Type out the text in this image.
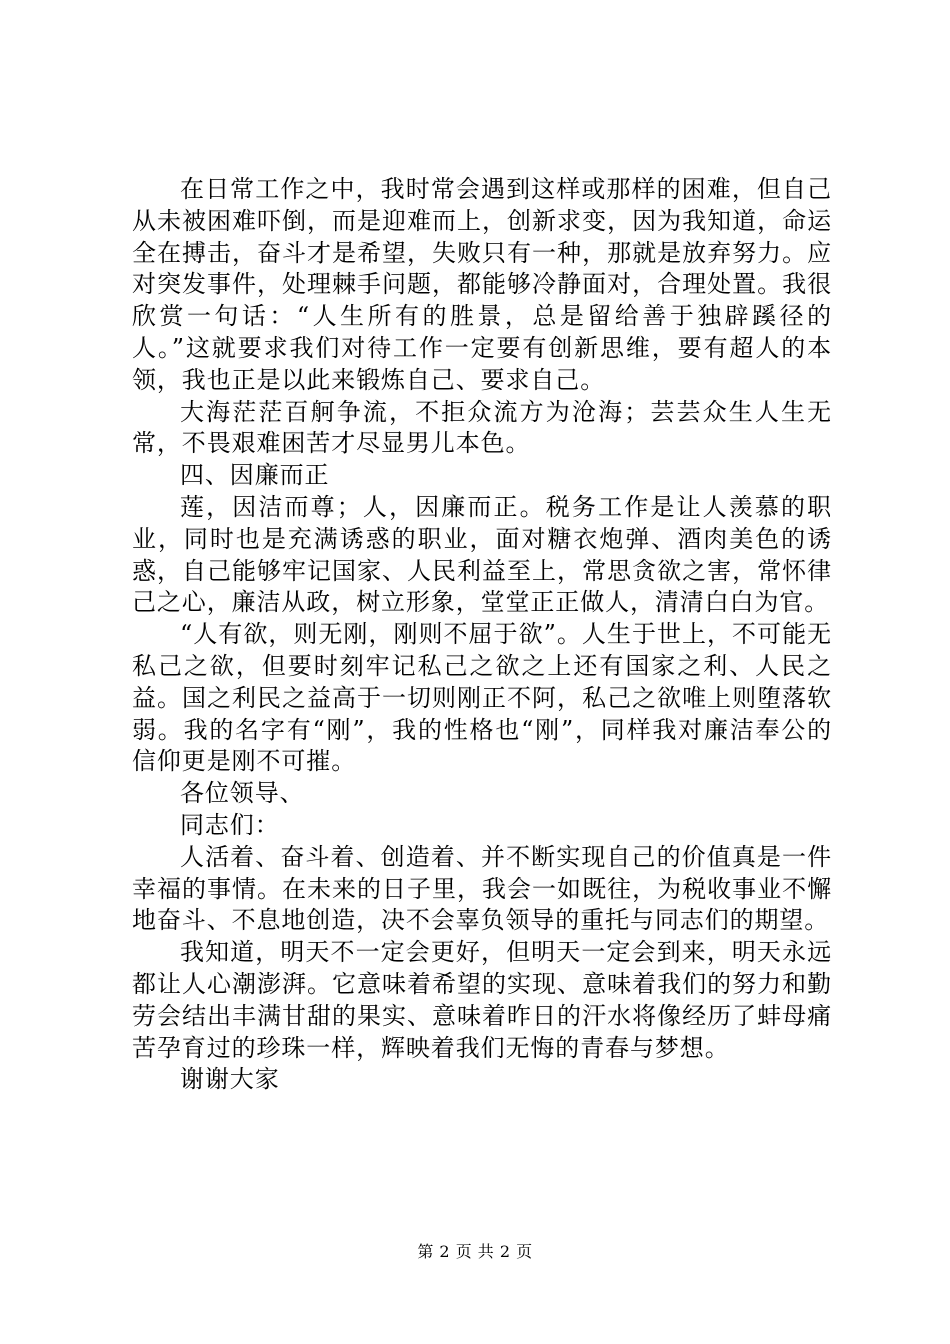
在日常工作之中，我时常会遇到这样或那样的困难，但自己从未被困难吓倒，而是迎难而上，创新求变，因为我知道，命运全在搏击，奋斗才是希望，失败只有一种，那就是放弃努力。应对突发事件，处理棘手问题，都能够冷静面对，合理处置。我很欣赏一句话：“人生所有的胜景，总是留给善于独辟蹊径的人。”这就要求我们对待工作一定要有创新思维，要有超人的本领，我也正是以此来锻炼自己、要求自己。

大海茫茫百舸争流，不拒众流方为沧海；芸芸众生人生无常，不畏艰难困苦才尽显男儿本色。

四、因廉而正

莲，因洁而尊；人，因廉而正。税务工作是让人羡慕的职业，同时也是充满诱惑的职业，面对糖衣炮弹、酒肉美色的诱惑，自己能够牢记国家、人民利益至上，常思贪欲之害，常怀律己之心，廉洁从政，树立形象，堂堂正正做人，清清白白为官。

“人有欲，则无刚，刚则不屈于欲”。人生于世上，不可能无私己之欲，但要时刻牢记私己之欲之上还有国家之利、人民之益。国之利民之益高于一切则刚正不阿，私己之欲唯上则堕落软弱。我的名字有“刚”，我的性格也“刚”，同样我对廉洁奉公的信仰更是刚不可摧。

各位领导、

同志们：

人活着、奋斗着、创造着、并不断实现自己的价值真是一件幸福的事情。在未来的日子里，我会一如既往，为税收事业不懈地奋斗、不息地创造，决不会辜负领导的重托与同志们的期望。

我知道，明天不一定会更好，但明天一定会到来，明天永远都让人心潮澎湃。它意味着希望的实现、意味着我们的努力和勤劳会结出丰满甘甜的果实、意味着昨日的汗水将像经历了蚌母痛苦孕育过的珍珠一样，辉映着我们无悔的青春与梦想。

谢谢大家

第 2 页 共 2 页
